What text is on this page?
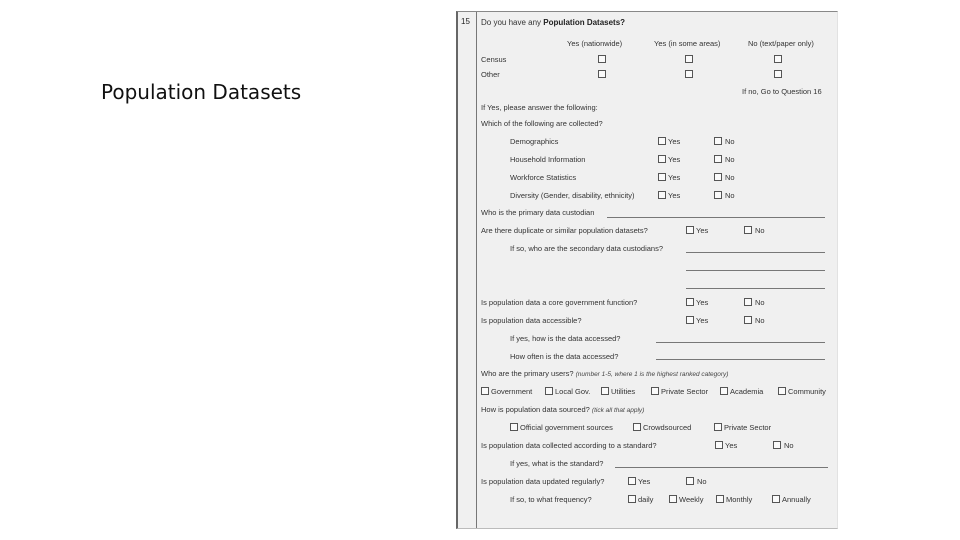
Population Datasets
15 Do you have any Population Datasets?
Yes (nationwide)	Yes (in some areas)	No (text/paper only)
Census
Other
If no, Go to Question 16
If Yes, please answer the following:
Which of the following are collected?
Demographics	Yes	No
Household Information	Yes	No
Workforce Statistics	Yes	No
Diversity (Gender, disability, ethnicity)	Yes	No
Who is the primary data custodian
Are there duplicate or similar population datasets?	Yes	No
If so, who are the secondary data custodians?
Is population data a core government function?	Yes	No
Is population data accessible?	Yes	No
If yes, how is the data accessed?
How often is the data accessed?
Who are the primary users? (number 1-5, where 1 is the highest ranked category)
Government	Local Gov.	Utilities	Private Sector	Academia	Community
How is population data sourced? (tick all that apply)
Official government sources	Crowdsourced	Private Sector
Is population data collected according to a standard?	Yes	No
If yes, what is the standard?
Is population data updated regularly?	Yes	No
If so, to what frequency?	daily	Weekly	Monthly	Annually
